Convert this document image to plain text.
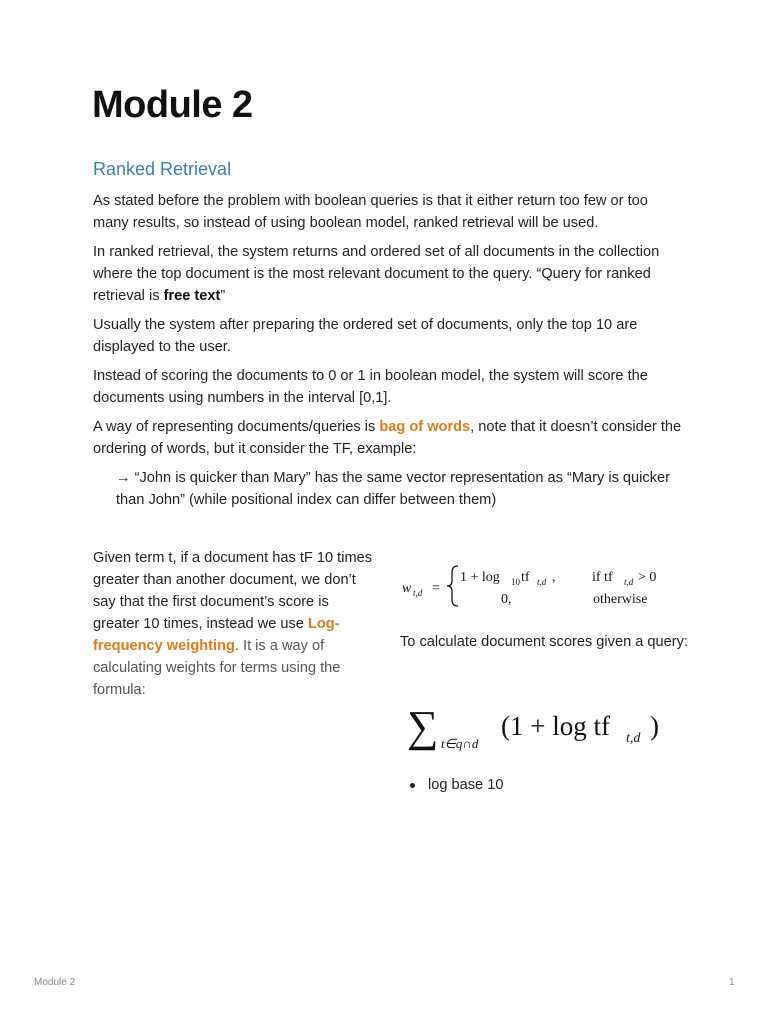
Module 2
Ranked Retrieval

As stated before the problem with boolean queries is that it either return too few or too many results, so instead of using boolean model, ranked retrieval will be used.

In ranked retrieval, the system returns and ordered set of all documents in the collection where the top document is the most relevant document to the query. “Query for ranked retrieval is free text”

Usually the system after preparing the ordered set of documents, only the top 10 are displayed to the user.

Instead of scoring the documents to 0 or 1 in boolean model, the system will score the documents using numbers in the interval [0,1].

A way of representing documents/queries is bag of words, note that it doesn’t consider the ordering of words, but it consider the TF, example:

→ “John is quicker than Mary” has the same vector representation as “Mary is quicker than John” (while positional index can differ between them)

Given term t, if a document has tF 10 times greater than another document, we don’t say that the first document’s score is greater 10 times, instead we use Log-frequency weighting. It is a way of calculating weights for terms using the formula:
w t,d =
1 + log 10 tf t,d ,	if tf t,d > 0
0,	otherwise
To calculate document scores given a query:
∑ t∈q∩d
(1 + log tf t,d )
log base 10
Module 2	1
